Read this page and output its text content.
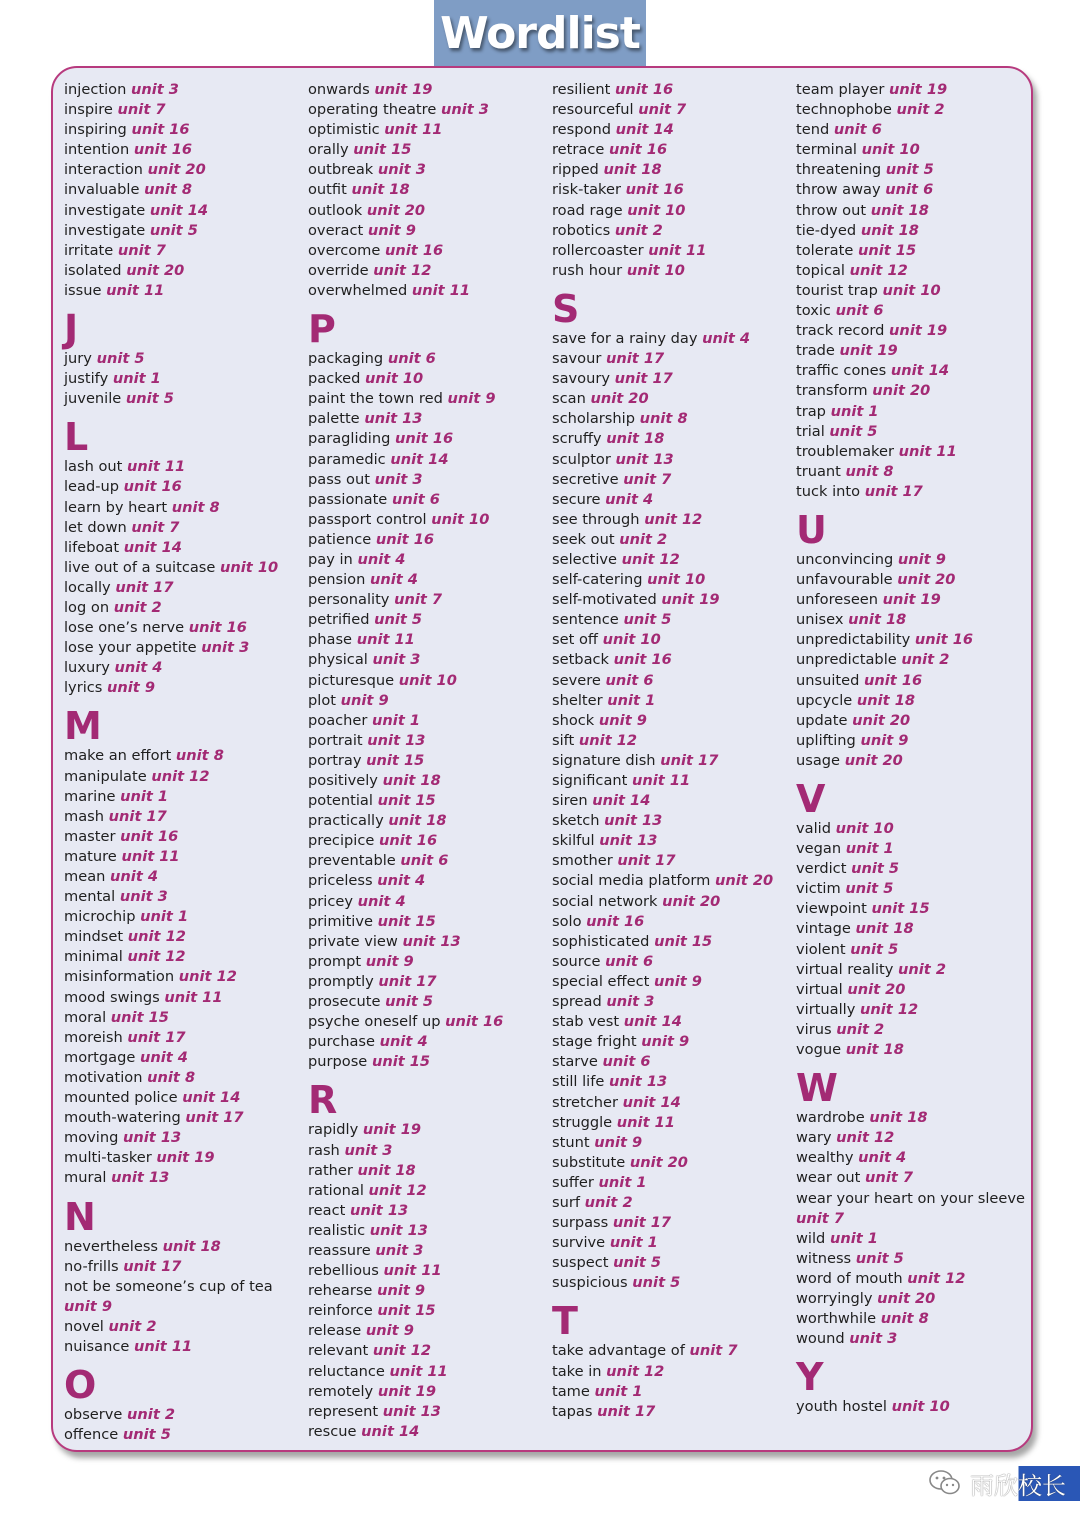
Wordlist
injection unit 3
inspire unit 7
inspiring unit 16
intention unit 16
interaction unit 20
invaluable unit 8
investigate unit 14
investigate unit 5
irritate unit 7
isolated unit 20
issue unit 11
J
jury unit 5
justify unit 1
juvenile unit 5
L
lash out unit 11
lead-up unit 16
learn by heart unit 8
let down unit 7
lifeboat unit 14
live out of a suitcase unit 10
locally unit 17
log on unit 2
lose one’s nerve unit 16
lose your appetite unit 3
luxury unit 4
lyrics unit 9
M
make an effort unit 8
manipulate unit 12
marine unit 1
mash unit 17
master unit 16
mature unit 11
mean unit 4
mental unit 3
microchip unit 1
mindset unit 12
minimal unit 12
misinformation unit 12
mood swings unit 11
moral unit 15
moreish unit 17
mortgage unit 4
motivation unit 8
mounted police unit 14
mouth-watering unit 17
moving unit 13
multi-tasker unit 19
mural unit 13
N
nevertheless unit 18
no-frills unit 17
not be someone’s cup of tea unit 9
novel unit 2
nuisance unit 11
O
observe unit 2
offence unit 5
onwards unit 19
operating theatre unit 3
optimistic unit 11
orally unit 15
outbreak unit 3
outfit unit 18
outlook unit 20
overact unit 9
overcome unit 16
override unit 12
overwhelmed unit 11
P
packaging unit 6
packed unit 10
paint the town red unit 9
palette unit 13
paragliding unit 16
paramedic unit 14
pass out unit 3
passionate unit 6
passport control unit 10
patience unit 16
pay in unit 4
pension unit 4
personality unit 7
petrified unit 5
phase unit 11
physical unit 3
picturesque unit 10
plot unit 9
poacher unit 1
portrait unit 13
portray unit 15
positively unit 18
potential unit 15
practically unit 18
precipice unit 16
preventable unit 6
priceless unit 4
pricey unit 4
primitive unit 15
private view unit 13
prompt unit 9
promptly unit 17
prosecute unit 5
psyche oneself up unit 16
purchase unit 4
purpose unit 15
R
rapidly unit 19
rash unit 3
rather unit 18
rational unit 12
react unit 13
realistic unit 13
reassure unit 3
rebellious unit 11
rehearse unit 9
reinforce unit 15
release unit 9
relevant unit 12
reluctance unit 11
remotely unit 19
represent unit 13
rescue unit 14
resilient unit 16
resourceful unit 7
respond unit 14
retrace unit 16
ripped unit 18
risk-taker unit 16
road rage unit 10
robotics unit 2
rollercoaster unit 11
rush hour unit 10
S
save for a rainy day unit 4
savour unit 17
savoury unit 17
scan unit 20
scholarship unit 8
scruffy unit 18
sculptor unit 13
secretive unit 7
secure unit 4
see through unit 12
seek out unit 2
selective unit 12
self-catering unit 10
self-motivated unit 19
sentence unit 5
set off unit 10
setback unit 16
severe unit 6
shelter unit 1
shock unit 9
sift unit 12
signature dish unit 17
significant unit 11
siren unit 14
sketch unit 13
skilful unit 13
smother unit 17
social media platform unit 20
social network unit 20
solo unit 16
sophisticated unit 15
source unit 6
special effect unit 9
spread unit 3
stab vest unit 14
stage fright unit 9
starve unit 6
still life unit 13
stretcher unit 14
struggle unit 11
stunt unit 9
substitute unit 20
suffer unit 1
surf unit 2
surpass unit 17
survive unit 1
suspect unit 5
suspicious unit 5
T
take advantage of unit 7
take in unit 12
tame unit 1
tapas unit 17
team player unit 19
technophobe unit 2
tend unit 6
terminal unit 10
threatening unit 5
throw away unit 6
throw out unit 18
tie-dyed unit 18
tolerate unit 15
topical unit 12
tourist trap unit 10
toxic unit 6
track record unit 19
trade unit 19
traffic cones unit 14
transform unit 20
trap unit 1
trial unit 5
troublemaker unit 11
truant unit 8
tuck into unit 17
U
unconvincing unit 9
unfavourable unit 20
unforeseen unit 19
unisex unit 18
unpredictability unit 16
unpredictable unit 2
unsuited unit 16
upcycle unit 18
update unit 20
uplifting unit 9
usage unit 20
V
valid unit 10
vegan unit 1
verdict unit 5
victim unit 5
viewpoint unit 15
vintage unit 18
violent unit 5
virtual reality unit 2
virtual unit 20
virtually unit 12
virus unit 2
vogue unit 18
W
wardrobe unit 18
wary unit 12
wealthy unit 4
wear out unit 7
wear your heart on your sleeve unit 7
wild unit 1
witness unit 5
word of mouth unit 12
worryingly unit 20
worthwhile unit 8
wound unit 3
Y
youth hostel unit 10
雨欣校长
